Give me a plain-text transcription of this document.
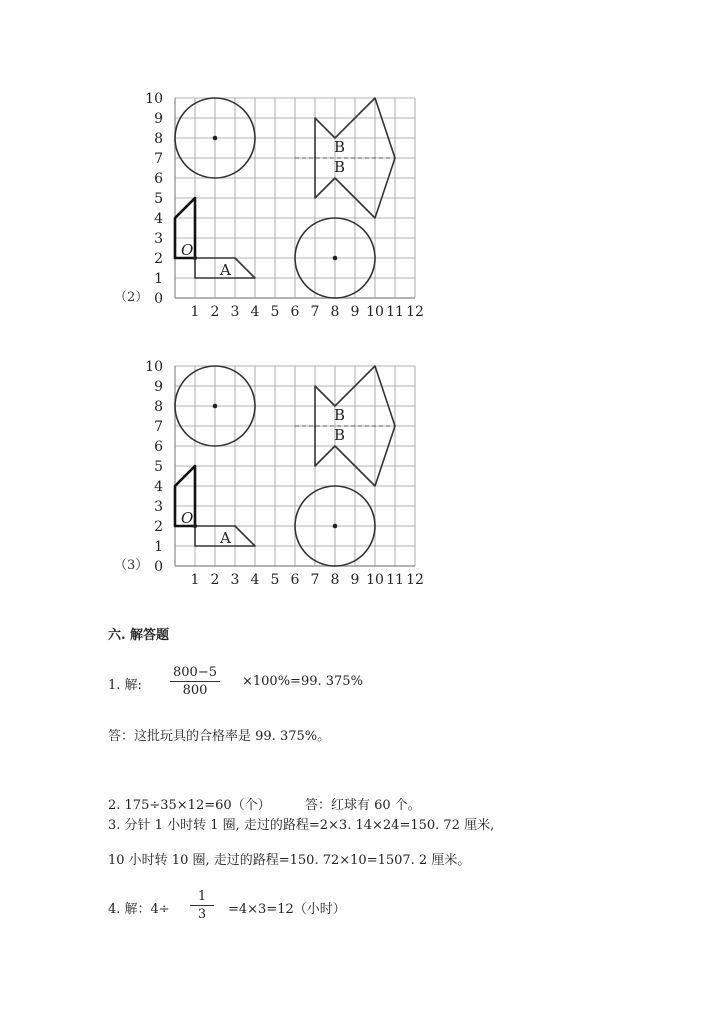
0
1
2
3
4
5
6
7
8
9
10
1 2 3 4 5 6 7 8 9 10 11 12
A
B
B
O
（2）
0
1
2
3
4
5
6
7
8
9
10
1 2 3 4 5 6 7 8 9 10 11 12
A
B
B
O
（3）
六. 解答题
1. 解: $\frac{800-5}{800} \times 100\%=99$. 375%
答：这批玩具的合格率是 99. 375%。
2. 175÷35×12=60（个）	答：红球有 60 个。
3. 分针 1 小时转 1 圈, 走过的路程=2×3. 14×24=150. 72 厘米,
10 小时转 10 圈, 走过的路程=150. 72×10=1507. 2 厘米。
4. 解：$4\div \frac{1}{3} =4\times 3=12$（小时）
